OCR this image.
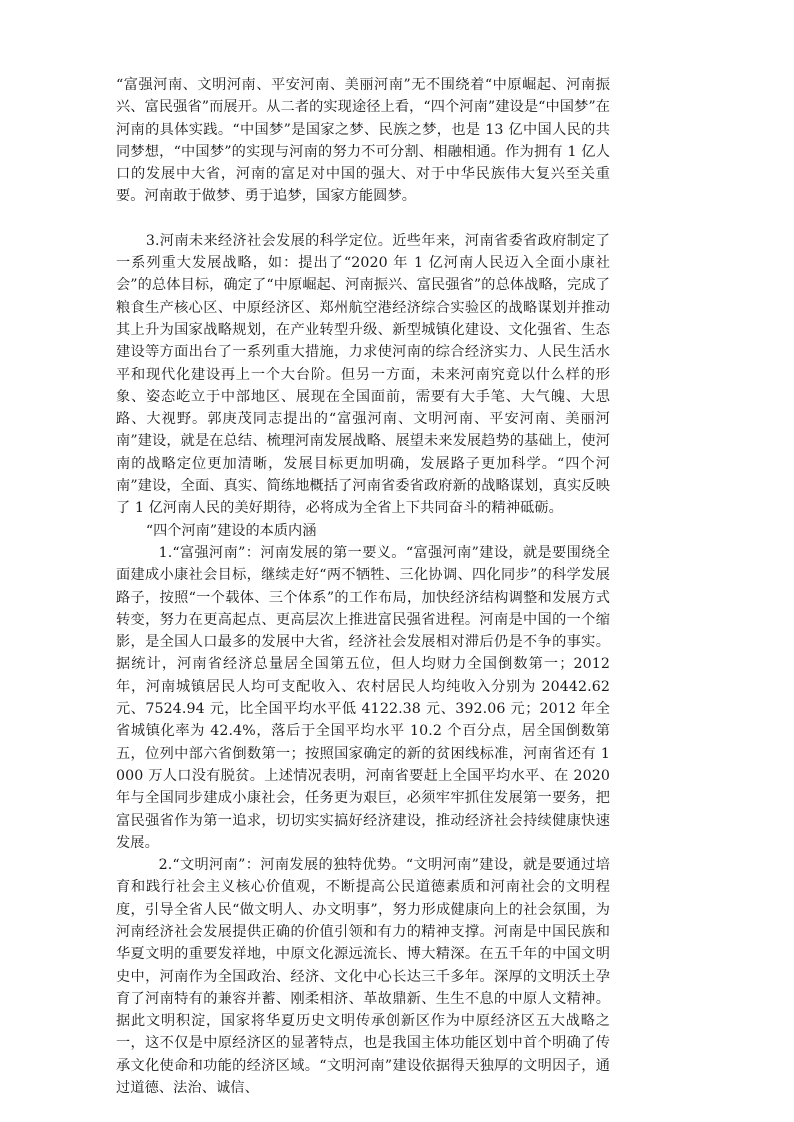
“富强河南、文明河南、平安河南、美丽河南”无不围绕着“中原崛起、河南振兴、富民强省”而展开。从二者的实现途径上看，“四个河南”建设是“中国梦”在河南的具体实践。“中国梦”是国家之梦、民族之梦，也是 13 亿中国人民的共同梦想，“中国梦”的实现与河南的努力不可分割、相融相通。作为拥有 1 亿人口的发展中大省，河南的富足对中国的强大、对于中华民族伟大复兴至关重要。河南敢于做梦、勇于追梦，国家方能圆梦。

3.河南未来经济社会发展的科学定位。近些年来，河南省委省政府制定了一系列重大发展战略，如：提出了“2020 年 1 亿河南人民迈入全面小康社会”的总体目标，确定了“中原崛起、河南振兴、富民强省”的总体战略，完成了粮食生产核心区、中原经济区、郑州航空港经济综合实验区的战略谋划并推动其上升为国家战略规划，在产业转型升级、新型城镇化建设、文化强省、生态建设等方面出台了一系列重大措施，力求使河南的综合经济实力、人民生活水平和现代化建设再上一个大台阶。但另一方面，未来河南究竟以什么样的形象、姿态屹立于中部地区、展现在全国面前，需要有大手笔、大气魄、大思路、大视野。郭庚茂同志提出的“富强河南、文明河南、平安河南、美丽河南”建设，就是在总结、梳理河南发展战略、展望未来发展趋势的基础上，使河南的战略定位更加清晰，发展目标更加明确，发展路子更加科学。“四个河南”建设，全面、真实、简练地概括了河南省委省政府新的战略谋划，真实反映了 1 亿河南人民的美好期待，必将成为全省上下共同奋斗的精神砥砺。

“四个河南”建设的本质内涵

1.“富强河南”：河南发展的第一要义。“富强河南”建设，就是要围绕全面建成小康社会目标，继续走好“两不牺牲、三化协调、四化同步”的科学发展路子，按照“一个载体、三个体系”的工作布局，加快经济结构调整和发展方式转变，努力在更高起点、更高层次上推进富民强省进程。河南是中国的一个缩影，是全国人口最多的发展中大省，经济社会发展相对滞后仍是不争的事实。据统计，河南省经济总量居全国第五位，但人均财力全国倒数第一；2012 年，河南城镇居民人均可支配收入、农村居民人均纯收入分别为 20442.62 元、7524.94 元，比全国平均水平低 4122.38 元、392.06 元；2012 年全省城镇化率为 42.4%，落后于全国平均水平 10.2 个百分点，居全国倒数第五，位列中部六省倒数第一；按照国家确定的新的贫困线标准，河南省还有 1000 万人口没有脱贫。上述情况表明，河南省要赶上全国平均水平、在 2020 年与全国同步建成小康社会，任务更为艰巨，必须牢牢抓住发展第一要务，把富民强省作为第一追求，切切实实搞好经济建设，推动经济社会持续健康快速发展。

2.“文明河南”：河南发展的独特优势。“文明河南”建设，就是要通过培育和践行社会主义核心价值观，不断提高公民道德素质和河南社会的文明程度，引导全省人民“做文明人、办文明事”，努力形成健康向上的社会氛围，为河南经济社会发展提供正确的价值引领和有力的精神支撑。河南是中国民族和华夏文明的重要发祥地，中原文化源远流长、博大精深。在五千年的中国文明史中，河南作为全国政治、经济、文化中心长达三千多年。深厚的文明沃土孕育了河南特有的兼容并蓄、刚柔相济、革故鼎新、生生不息的中原人文精神。据此文明积淀，国家将华夏历史文明传承创新区作为中原经济区五大战略之一，这不仅是中原经济区的显著特点，也是我国主体功能区划中首个明确了传承文化使命和功能的经济区域。“文明河南”建设依据得天独厚的文明因子，通过道德、法治、诚信、
